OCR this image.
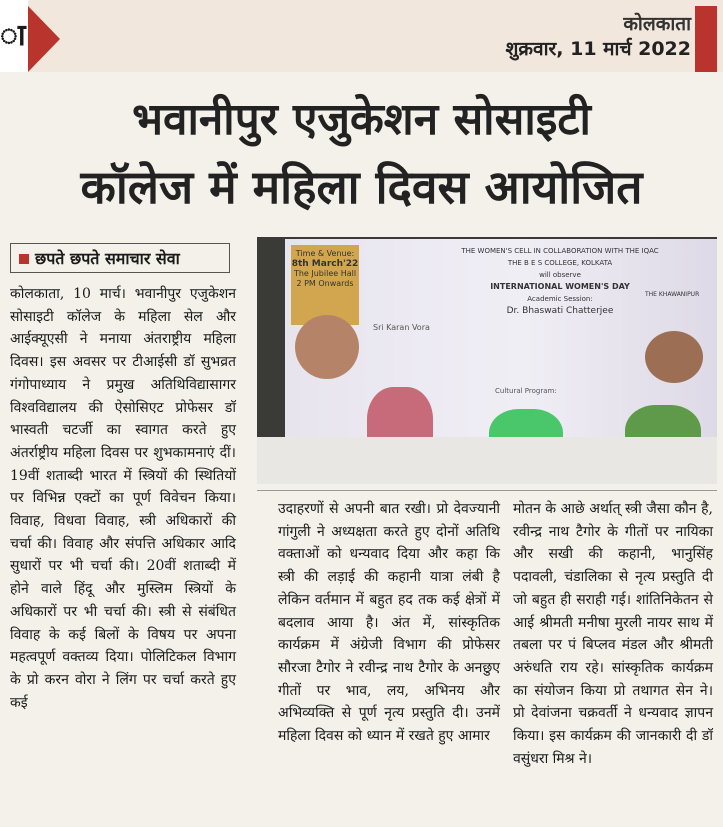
ा	कोलकाता
शुक्रवार, 11 मार्च 2022
भवानीपुर एजुकेशन सोसाइटी
कॉलेज में महिला दिवस आयोजित
छपते छपते समाचार सेवा
कोलकाता, 10 मार्च। भवानीपुर एजुकेशन सोसाइटी कॉलेज के महिला सेल और आईक्यूएसी ने मनाया अंतराष्ट्रीय महिला दिवस। इस अवसर पर टीआईसी डॉ सुभव्रत गंगोपाध्याय ने प्रमुख अतिथिविद्यासागर विश्वविद्यालय की ऐसोसिएट प्रोफेसर डॉ भास्वती चटर्जी का स्वागत करते हुए अंतर्राष्ट्रीय महिला दिवस पर शुभकामनाएं दीं। 19वीं शताब्दी भारत में स्त्रियों की स्थितियों पर विभिन्न एक्टों का पूर्ण विवेचन किया। विवाह, विधवा विवाह, स्त्री अधिकारों की चर्चा की। विवाह और संपत्ति अधिकार आदि सुधारों पर भी चर्चा की। 20वीं शताब्दी में होने वाले हिंदू और मुस्लिम स्त्रियों के अधिकारों पर भी चर्चा की। स्त्री से संबंधित विवाह के कई बिलों के विषय पर अपना महत्वपूर्ण वक्तव्य दिया। पोलिटिकल विभाग के प्रो करन वोरा ने लिंग पर चर्चा करते हुए कई
Time & Venue:
8th March'22
The Jubilee Hall
2 PM Onwards
THE WOMEN'S CELL IN COLLABORATION WITH THE IQAC
THE B E S COLLEGE, KOLKATA
will observe
INTERNATIONAL WOMEN'S DAY
Academic Session:
Dr. Bhaswati Chatterjee
Sri Karan Vora
Cultural Program:
THE KHAWANIPUR
उदाहरणों से अपनी बात रखी। प्रो देवज्यानी गांगुली ने अध्यक्षता करते हुए दोनों अतिथि वक्ताओं को धन्यवाद दिया और कहा कि स्त्री की लड़ाई की कहानी यात्रा लंबी है लेकिन वर्तमान में बहुत हद तक कई क्षेत्रों में बदलाव आया है। अंत में, सांस्कृतिक कार्यक्रम में अंग्रेजी विभाग की प्रोफेसर सौरजा टैगोर ने रवीन्द्र नाथ टैगोर के अनछुए गीतों पर भाव, लय, अभिनय और अभिव्यक्ति से पूर्ण नृत्य प्रस्तुति दी। उनमें महिला दिवस को ध्यान में रखते हुए आमार
मोतन के आछे अर्थात् स्त्री जैसा कौन है, रवीन्द्र नाथ टैगोर के गीतों पर नायिका और सखी की कहानी, भानुसिंह पदावली, चंडालिका से नृत्य प्रस्तुति दी जो बहुत ही सराही गई। शांतिनिकेतन से आई श्रीमती मनीषा मुरली नायर साथ में तबला पर पं बिप्लव मंडल और श्रीमती अरुंधति राय रहे। सांस्कृतिक कार्यक्रम का संयोजन किया प्रो तथागत सेन ने। प्रो देवांजना चक्रवर्ती ने धन्यवाद ज्ञापन किया। इस कार्यक्रम की जानकारी दी डॉ वसुंधरा मिश्र ने।
